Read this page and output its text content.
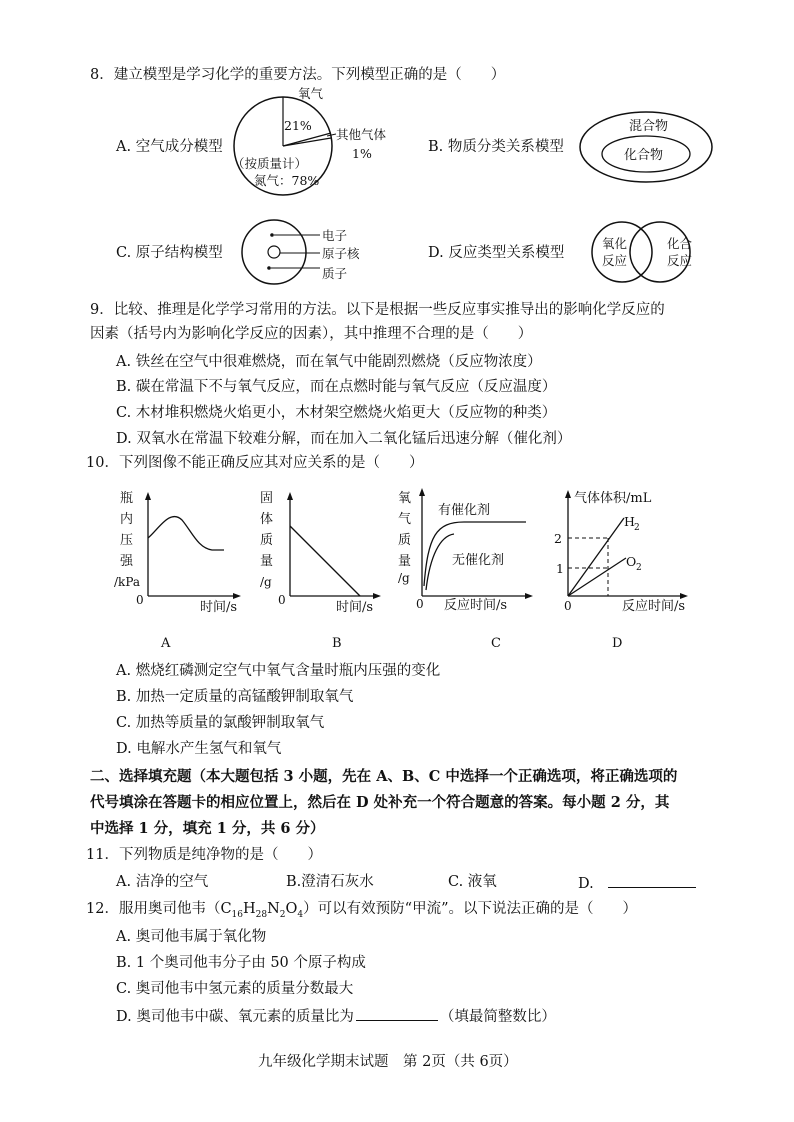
8．建立模型是学习化学的重要方法。下列模型正确的是（　　）
A. 空气成分模型
氧气
21%
其他气体
1%
（按质量计）
氮气：78%
B. 物质分类关系模型
混合物
化合物
C. 原子结构模型
电子
原子核
质子
D. 反应类型关系模型
氧化
反应
化合
反应
9．比较、推理是化学学习常用的方法。以下是根据一些反应事实推导出的影响化学反应的
因素（括号内为影响化学反应的因素），其中推理不合理的是（　　）
A. 铁丝在空气中很难燃烧，而在氧气中能剧烈燃烧（反应物浓度）
B. 碳在常温下不与氧气反应，而在点燃时能与氧气反应（反应温度）
C. 木材堆积燃烧火焰更小，木材架空燃烧火焰更大（反应物的种类）
D. 双氧水在常温下较难分解，而在加入二氧化锰后迅速分解（催化剂）
10．下列图像不能正确反应其对应关系的是（　　）
瓶
内
压
强
/kPa
0	时间/s
A
固
体
质
量
/g
0	时间/s
B
氧
气
质
量
/g
有催化剂
无催化剂
0 反应时间/s
C
气体体积/mL
2
1
H 2
O 2
0	反应时间/s
D
A. 燃烧红磷测定空气中氧气含量时瓶内压强的变化
B. 加热一定质量的高锰酸钾制取氧气
C. 加热等质量的氯酸钾制取氧气
D. 电解水产生氢气和氧气
二、选择填充题（本大题包括 3 小题，先在 A、B、C 中选择一个正确选项，将正确选项的
代号填涂在答题卡的相应位置上，然后在 D 处补充一个符合题意的答案。每小题 2 分，其
中选择 1 分，填充 1 分，共 6 分）
11．下列物质是纯净物的是（　　）
A. 洁净的空气	B.澄清石灰水	C. 液氧	D.
12．服用奥司他韦$(C_{16}H_{28}N_2O_4)$可以有效预防“甲流”。以下说法正确的是（　　）
A. 奥司他韦属于氧化物
B. 1 个奥司他韦分子由 50 个原子构成
C. 奥司他韦中氢元素的质量分数最大
D. 奥司他韦中碳、氧元素的质量比为	（填最简整数比）
九年级化学期末试题　第 2页（共 6页）
